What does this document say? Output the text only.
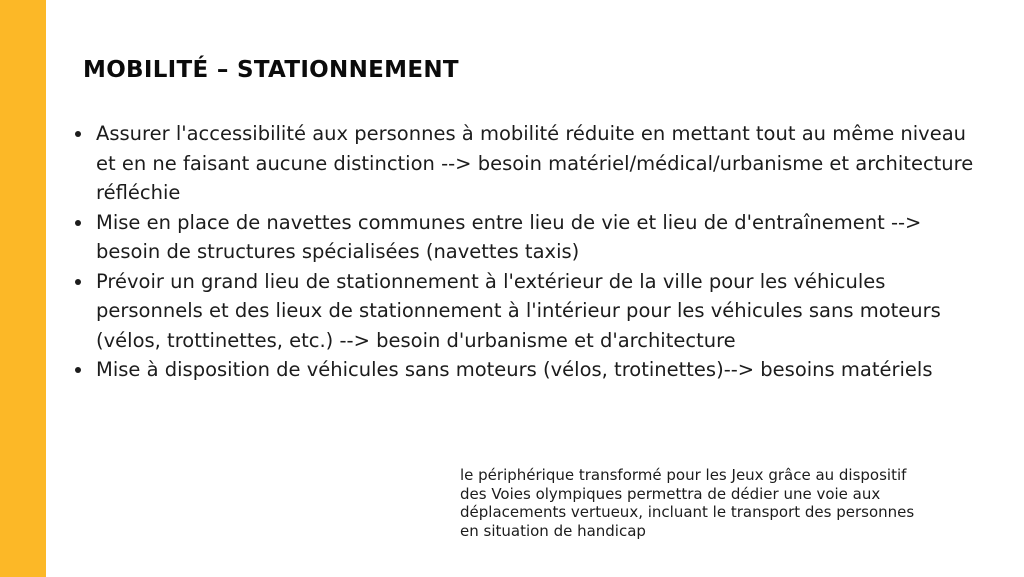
MOBILITÉ – STATIONNEMENT
• Assurer l'accessibilité aux personnes à mobilité réduite en mettant tout au même niveau et en ne faisant aucune distinction --> besoin matériel/médical/urbanisme et architecture réfléchie
• Mise en place de navettes communes entre lieu de vie et lieu de d'entraînement --> besoin de structures spécialisées (navettes taxis)
• Prévoir un grand lieu de stationnement à l'extérieur de la ville pour les véhicules personnels et des lieux de stationnement à l'intérieur pour les véhicules sans moteurs (vélos, trottinettes, etc.) --> besoin d'urbanisme et d'architecture
• Mise à disposition de véhicules sans moteurs (vélos, trotinettes)--> besoins matériels

le périphérique transformé pour les Jeux grâce au dispositif des Voies olympiques permettra de dédier une voie aux déplacements vertueux, incluant le transport des personnes en situation de handicap
